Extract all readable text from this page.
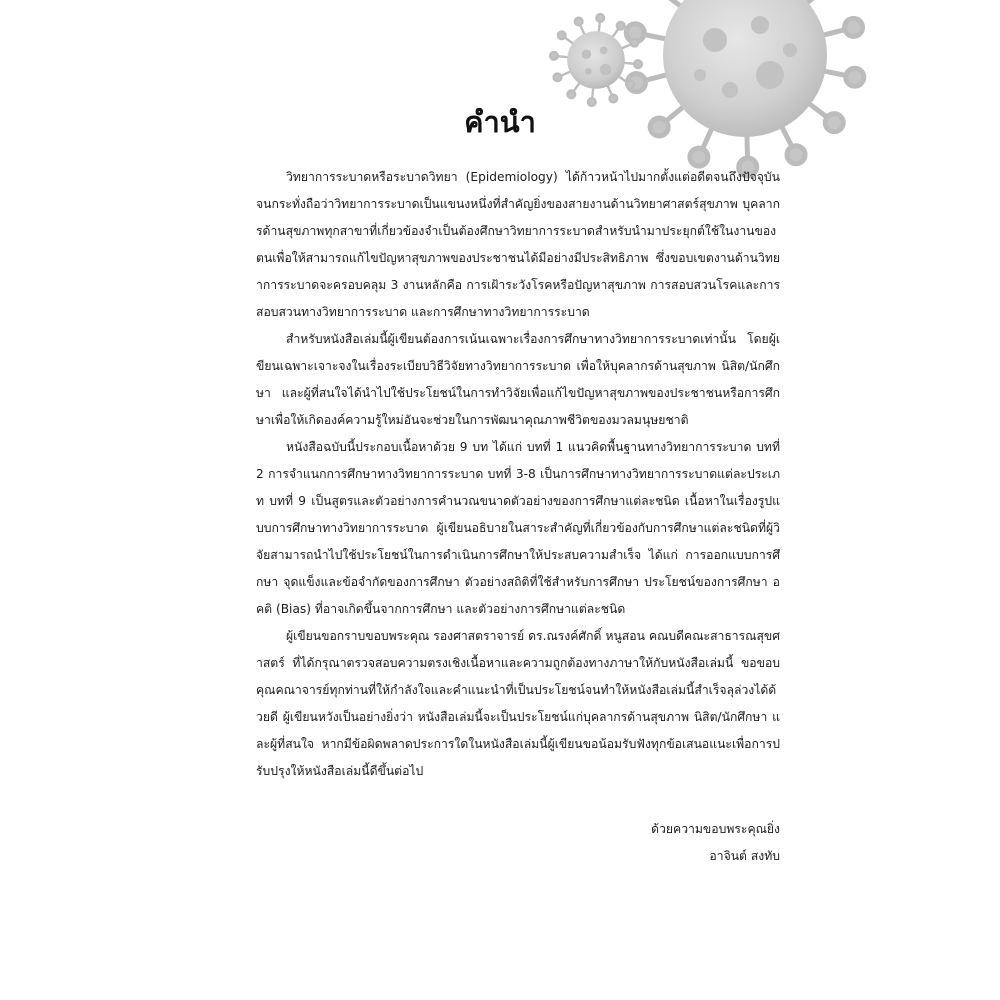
คำนำ

วิทยาการระบาดหรือระบาดวิทยา (Epidemiology) ได้ก้าวหน้าไปมากตั้งแต่อดีตจนถึงปัจจุบัน จนกระทั่งถือว่าวิทยาการระบาดเป็นแขนงหนึ่งที่สำคัญยิ่งของสายงานด้านวิทยาศาสตร์สุขภาพ บุคลากรด้านสุขภาพทุกสาขาที่เกี่ยวข้องจำเป็นต้องศึกษาวิทยาการระบาดสำหรับนำมาประยุกต์ใช้ในงานของตนเพื่อให้สามารถแก้ไขปัญหาสุขภาพของประชาชนได้มีอย่างมีประสิทธิภาพ ซึ่งขอบเขตงานด้านวิทยาการระบาดจะครอบคลุม 3 งานหลักคือ การเฝ้าระวังโรคหรือปัญหาสุขภาพ การสอบสวนโรคและการสอบสวนทางวิทยาการระบาด และการศึกษาทางวิทยาการระบาด

สำหรับหนังสือเล่มนี้ผู้เขียนต้องการเน้นเฉพาะเรื่องการศึกษาทางวิทยาการระบาดเท่านั้น โดยผู้เขียนเฉพาะเจาะจงในเรื่องระเบียบวิธีวิจัยทางวิทยาการระบาด เพื่อให้บุคลากรด้านสุขภาพ นิสิต/นักศึกษา และผู้ที่สนใจได้นำไปใช้ประโยชน์ในการทำวิจัยเพื่อแก้ไขปัญหาสุขภาพของประชาชนหรือการศึกษาเพื่อให้เกิดองค์ความรู้ใหม่อันจะช่วยในการพัฒนาคุณภาพชีวิตของมวลมนุษยชาติ

หนังสือฉบับนี้ประกอบเนื้อหาด้วย 9 บท ได้แก่ บทที่ 1 แนวคิดพื้นฐานทางวิทยาการระบาด บทที่ 2 การจำแนกการศึกษาทางวิทยาการระบาด บทที่ 3-8 เป็นการศึกษาทางวิทยาการระบาดแต่ละประเภท บทที่ 9 เป็นสูตรและตัวอย่างการคำนวณขนาดตัวอย่างของการศึกษาแต่ละชนิด เนื้อหาในเรื่องรูปแบบการศึกษาทางวิทยาการระบาด ผู้เขียนอธิบายในสาระสำคัญที่เกี่ยวข้องกับการศึกษาแต่ละชนิดที่ผู้วิจัยสามารถนำไปใช้ประโยชน์ในการดำเนินการศึกษาให้ประสบความสำเร็จ ได้แก่ การออกแบบการศึกษา จุดแข็งและข้อจำกัดของการศึกษา ตัวอย่างสถิติที่ใช้สำหรับการศึกษา ประโยชน์ของการศึกษา อคติ (Bias) ที่อาจเกิดขึ้นจากการศึกษา และตัวอย่างการศึกษาแต่ละชนิด

ผู้เขียนขอกราบขอบพระคุณ รองศาสตราจารย์ ดร.ณรงค์ศักดิ์ หนูสอน คณบดีคณะสาธารณสุขศาสตร์ ที่ได้กรุณาตรวจสอบความตรงเชิงเนื้อหาและความถูกต้องทางภาษาให้กับหนังสือเล่มนี้ ขอขอบคุณคณาจารย์ทุกท่านที่ให้กำลังใจและคำแนะนำที่เป็นประโยชน์จนทำให้หนังสือเล่มนี้สำเร็จลุล่วงได้ด้วยดี ผู้เขียนหวังเป็นอย่างยิ่งว่า หนังสือเล่มนี้จะเป็นประโยชน์แก่บุคลากรด้านสุขภาพ นิสิต/นักศึกษา และผู้ที่สนใจ หากมีข้อผิดพลาดประการใดในหนังสือเล่มนี้ผู้เขียนขอน้อมรับฟังทุกข้อเสนอแนะเพื่อการปรับปรุงให้หนังสือเล่มนี้ดีขึ้นต่อไป

ด้วยความขอบพระคุณยิ่ง
อาจินต์ สงทับ
